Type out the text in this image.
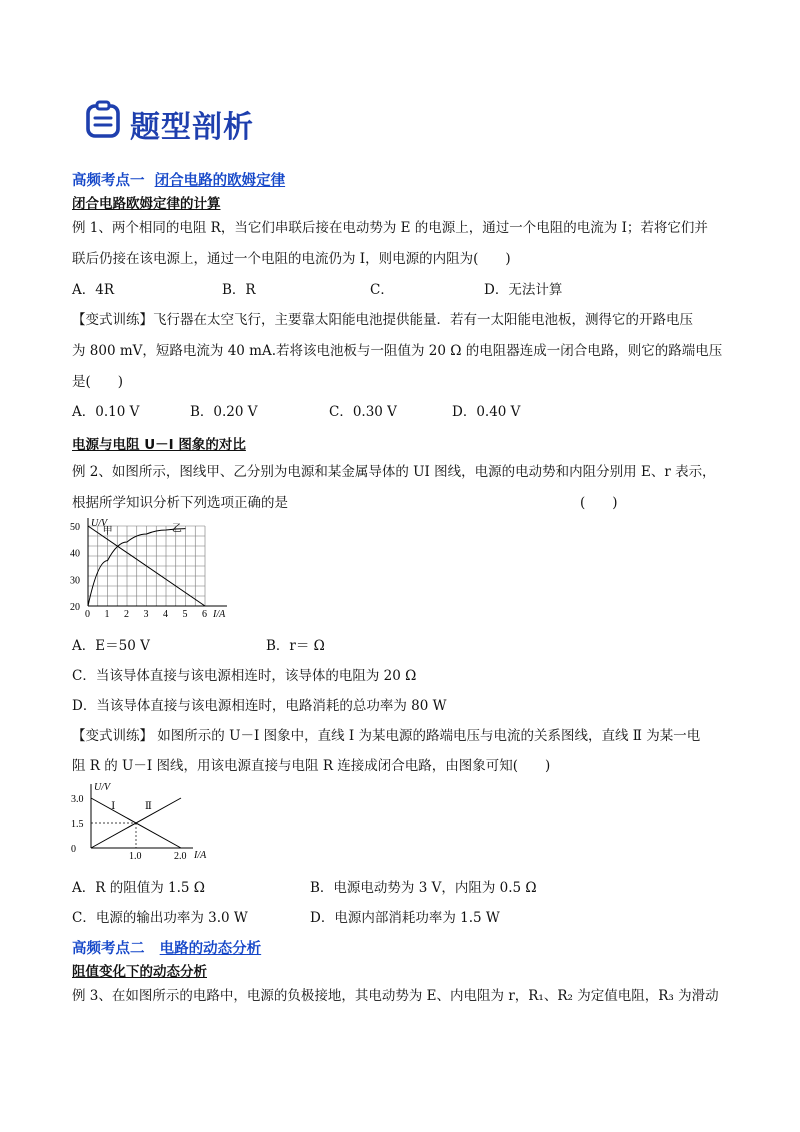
题型剖析
高频考点一 闭合电路的欧姆定律
闭合电路欧姆定律的计算
例 1、两个相同的电阻 R，当它们串联后接在电动势为 E 的电源上，通过一个电阻的电流为 I；若将它们并
联后仍接在该电源上，通过一个电阻的电流仍为 I，则电源的内阻为(　　)
A．4R	B．R	C．	D．无法计算
【变式训练】飞行器在太空飞行，主要靠太阳能电池提供能量．若有一太阳能电池板，测得它的开路电压
为 800 mV，短路电流为 40 mA.若将该电池板与一阻值为 20 Ω 的电阻器连成一闭合电路，则它的路端电压
是(　　)
A．0.10 V	B．0.20 V	C．0.30 V	D．0.40 V
电源与电阻 U－I 图象的对比
例 2、如图所示，图线甲、乙分别为电源和某金属导体的 UI 图线，电源的电动势和内阻分别用 E、r 表示，
根据所学知识分析下列选项正确的是	(　　)
U/V
I/A
0 1 2 3 4 5 6
20
30
40
50 甲	乙
A．E＝50 V	B．r＝ Ω
C．当该导体直接与该电源相连时，该导体的电阻为 20 Ω
D．当该导体直接与该电源相连时，电路消耗的总功率为 80 W
【变式训练】 如图所示的 U－I 图象中，直线 Ⅰ 为某电源的路端电压与电流的关系图线，直线 Ⅱ 为某一电
阻 R 的 U－I 图线，用该电源直接与电阻 R 连接成闭合电路，由图象可知(　　)
U/V
I/A
0
1.5
3.0
1.0	2.0
Ⅰ	Ⅱ
A．R 的阻值为 1.5 Ω	B．电源电动势为 3 V，内阻为 0.5 Ω
C．电源的输出功率为 3.0 W	D．电源内部消耗功率为 1.5 W
高频考点二 电路的动态分析
阻值变化下的动态分析
例 3、在如图所示的电路中，电源的负极接地，其电动势为 E、内电阻为 r，R₁、R₂ 为定值电阻，R₃ 为滑动
